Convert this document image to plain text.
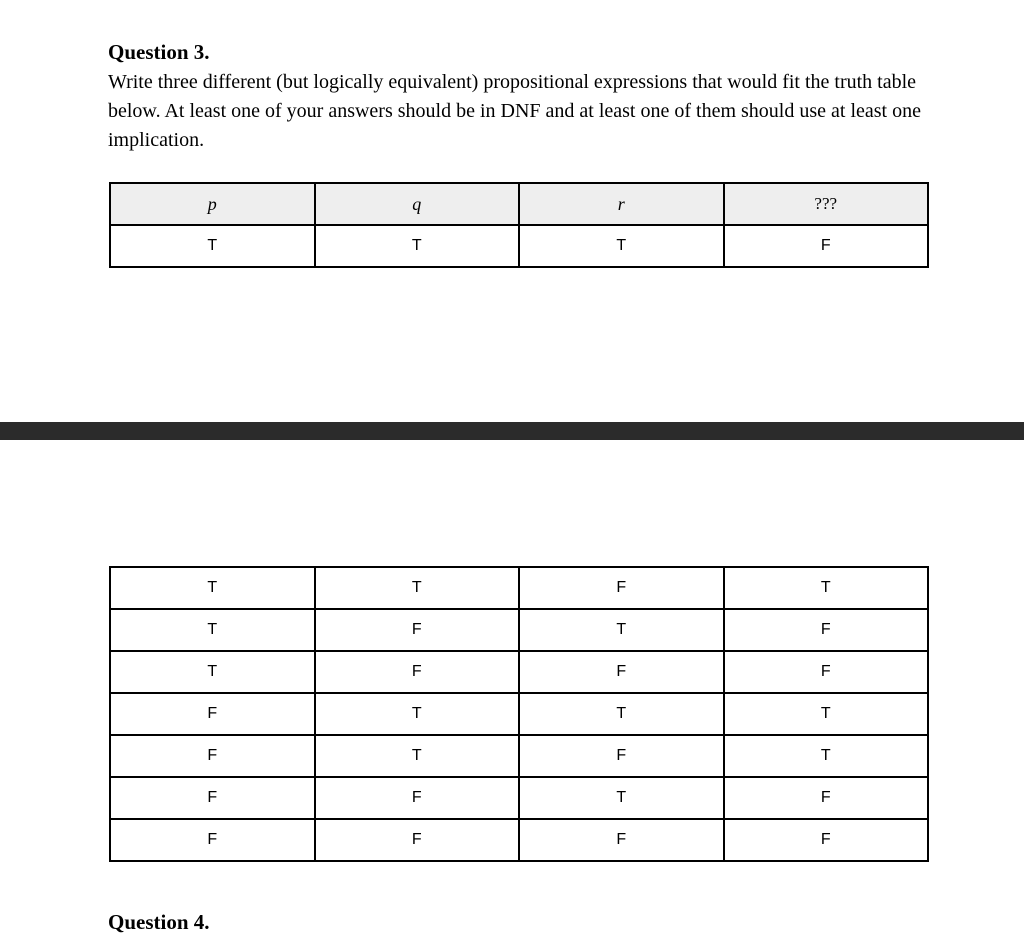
Question 3.

Write three different (but logically equivalent) propositional expressions that would fit the truth table below. At least one of your answers should be in DNF and at least one of them should use at least one implication.

p	q	r	???
T	T	T	F
T	T	F	T
T	F	T	F
T	F	F	F
F	T	T	T
F	T	F	T
F	F	T	F
F	F	F	F
Question 4.
